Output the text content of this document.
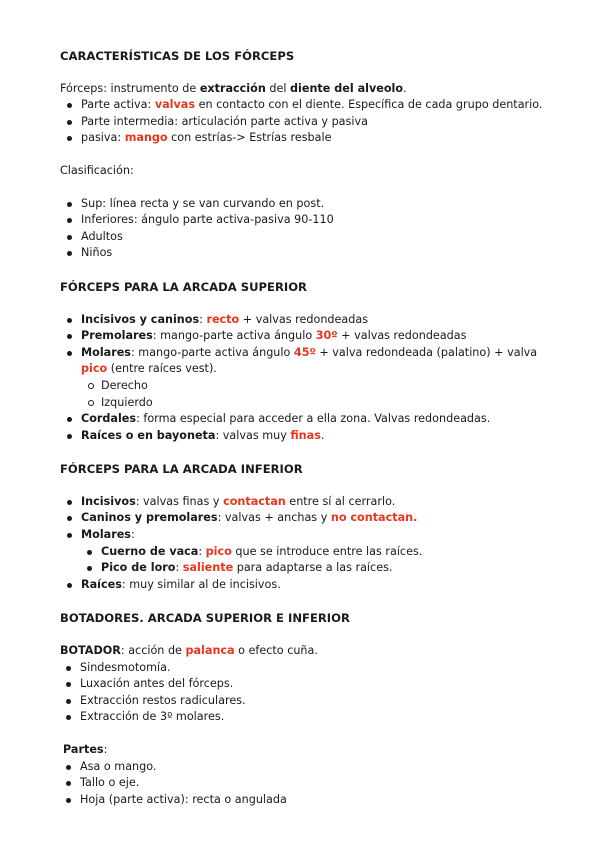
CARACTERÍSTICAS DE LOS FÓRCEPS

Fórceps: instrumento de extracción del diente del alveolo.

Parte activa: valvas en contacto con el diente. Específica de cada grupo dentario.
Parte intermedia: articulación parte activa y pasiva
pasiva: mango con estrías-> Estrías resbale

Clasificación:

Sup: línea recta y se van curvando en post.
Inferiores: ángulo parte activa-pasiva 90-110
Adultos
Niños
FÓRCEPS PARA LA ARCADA SUPERIOR
Incisivos y caninos: recto + valvas redondeadas
Premolares: mango-parte activa ángulo 30º + valvas redondeadas
Molares: mango-parte activa ángulo 45º + valva redondeada (palatino) + valva pico (entre raíces vest).
Derecho
Izquierdo
Cordales: forma especial para acceder a ella zona. Valvas redondeadas.
Raíces o en bayoneta: valvas muy finas.
FÓRCEPS PARA LA ARCADA INFERIOR
Incisivos: valvas finas y contactan entre sí al cerrarlo.
Caninos y premolares: valvas + anchas y no contactan.
Molares:
Cuerno de vaca: pico que se introduce entre las raíces.
Pico de loro: saliente para adaptarse a las raíces.
Raíces: muy similar al de incisivos.
BOTADORES. ARCADA SUPERIOR E INFERIOR

BOTADOR: acción de palanca o efecto cuña.

Sindesmotomía.
Luxación antes del fórceps.
Extracción restos radiculares.
Extracción de 3º molares.

Partes:

Asa o mango.
Tallo o eje.
Hoja (parte activa): recta o angulada
